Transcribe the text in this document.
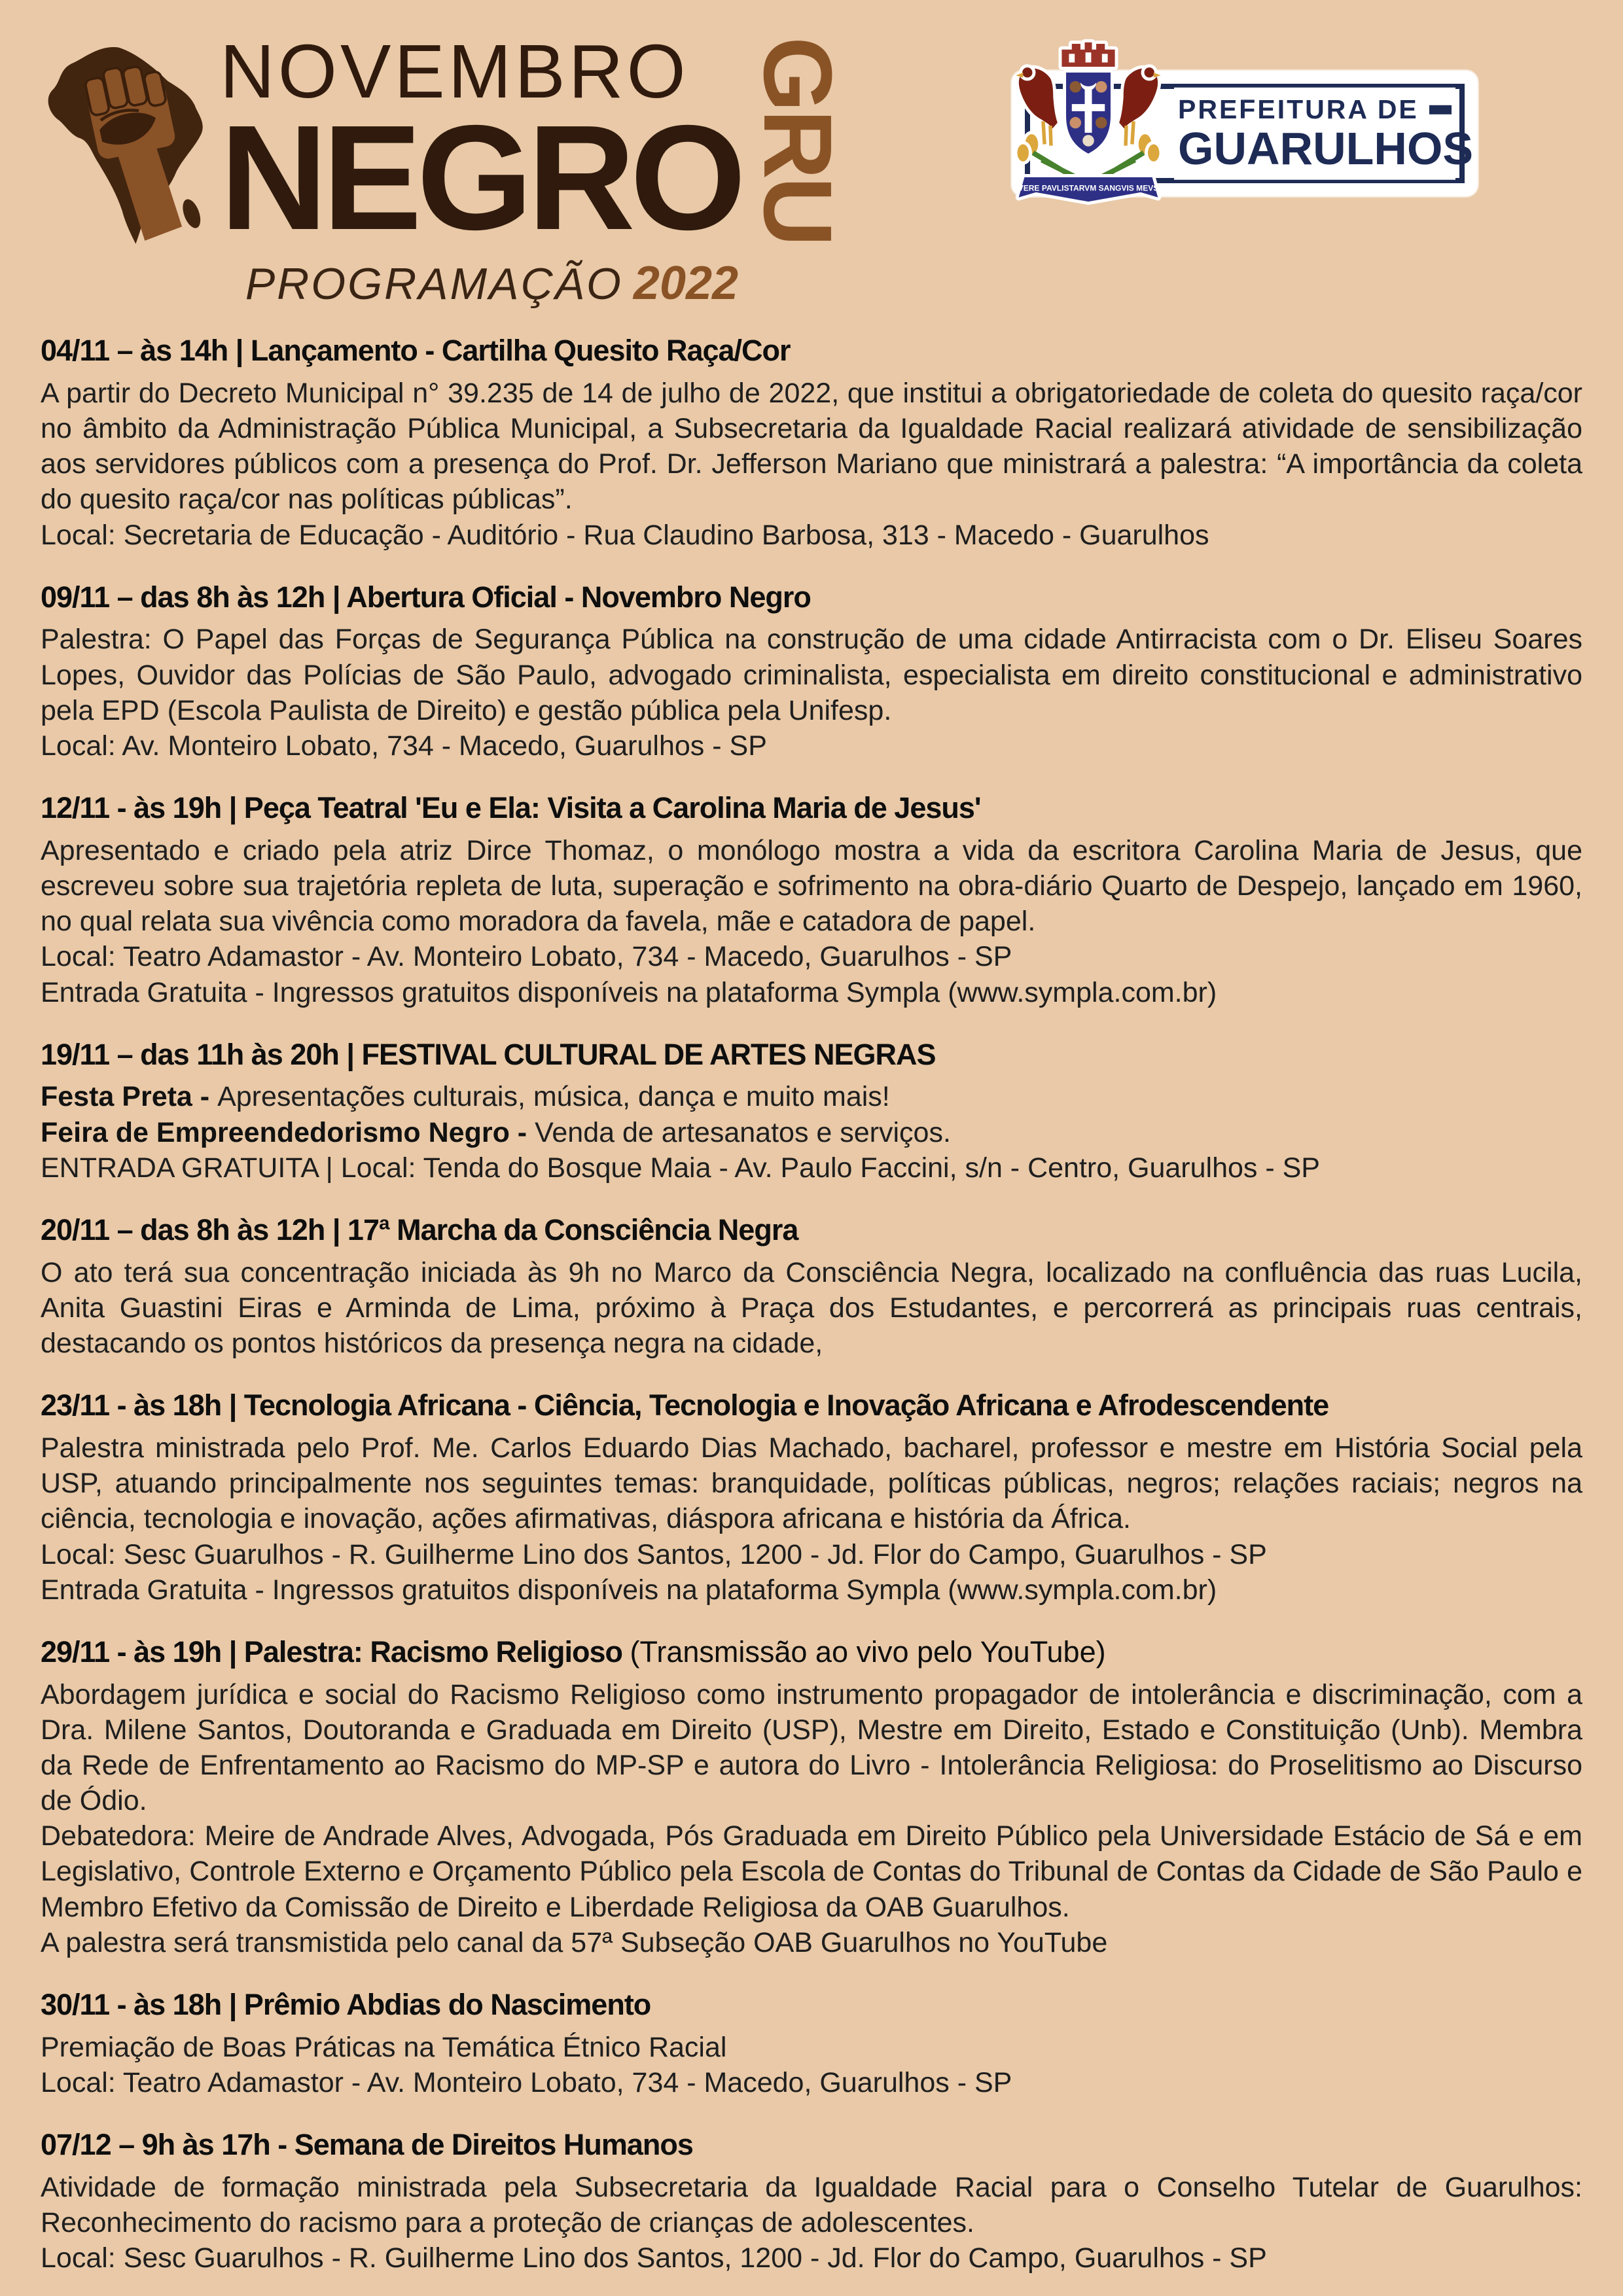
NOVEMBRO
NEGRO GRU
PROGRAMAÇÃO 2022
VERE PAVLISTARVM SANGVIS MEVS
PREFEITURA DE
GUARULHOS
04/11 – às 14h | Lançamento - Cartilha Quesito Raça/Cor

A partir do Decreto Municipal n° 39.235 de 14 de julho de 2022, que institui a obrigatoriedade de coleta do quesito raça/cor no âmbito da Administração Pública Municipal, a Subsecretaria da Igualdade Racial realizará atividade de sensibilização aos servidores públicos com a presença do Prof. Dr. Jefferson Mariano que ministrará a palestra: “A importância da coleta do quesito raça/cor nas políticas públicas”.

Local: Secretaria de Educação - Auditório - Rua Claudino Barbosa, 313 - Macedo - Guarulhos

09/11 – das 8h às 12h | Abertura Oficial - Novembro Negro

Palestra: O Papel das Forças de Segurança Pública na construção de uma cidade Antirracista com o Dr. Eliseu Soares Lopes, Ouvidor das Polícias de São Paulo, advogado criminalista, especialista em direito constitucional e administrativo pela EPD (Escola Paulista de Direito) e gestão pública pela Unifesp.

Local: Av. Monteiro Lobato, 734 - Macedo, Guarulhos - SP

12/11 - às 19h | Peça Teatral 'Eu e Ela: Visita a Carolina Maria de Jesus'

Apresentado e criado pela atriz Dirce Thomaz, o monólogo mostra a vida da escritora Carolina Maria de Jesus, que escreveu sobre sua trajetória repleta de luta, superação e sofrimento na obra-diário Quarto de Despejo, lançado em 1960, no qual relata sua vivência como moradora da favela, mãe e catadora de papel.

Local: Teatro Adamastor - Av. Monteiro Lobato, 734 - Macedo, Guarulhos - SP

Entrada Gratuita - Ingressos gratuitos disponíveis na plataforma Sympla (www.sympla.com.br)

19/11 – das 11h às 20h | FESTIVAL CULTURAL DE ARTES NEGRAS

Festa Preta - Apresentações culturais, música, dança e muito mais!

Feira de Empreendedorismo Negro - Venda de artesanatos e serviços.

ENTRADA GRATUITA | Local: Tenda do Bosque Maia - Av. Paulo Faccini, s/n - Centro, Guarulhos - SP

20/11 – das 8h às 12h | 17ª Marcha da Consciência Negra

O ato terá sua concentração iniciada às 9h no Marco da Consciência Negra, localizado na confluência das ruas Lucila, Anita Guastini Eiras e Arminda de Lima, próximo à Praça dos Estudantes, e percorrerá as principais ruas centrais, destacando os pontos históricos da presença negra na cidade,

23/11 - às 18h | Tecnologia Africana - Ciência, Tecnologia e Inovação Africana e Afrodescendente

Palestra ministrada pelo Prof. Me. Carlos Eduardo Dias Machado, bacharel, professor e mestre em História Social pela USP, atuando principalmente nos seguintes temas: branquidade, políticas públicas, negros; relações raciais; negros na ciência, tecnologia e inovação, ações afirmativas, diáspora africana e história da África.

Local: Sesc Guarulhos - R. Guilherme Lino dos Santos, 1200 - Jd. Flor do Campo, Guarulhos - SP

Entrada Gratuita - Ingressos gratuitos disponíveis na plataforma Sympla (www.sympla.com.br)

29/11 - às 19h | Palestra: Racismo Religioso (Transmissão ao vivo pelo YouTube)

Abordagem jurídica e social do Racismo Religioso como instrumento propagador de intolerância e discriminação, com a Dra. Milene Santos, Doutoranda e Graduada em Direito (USP), Mestre em Direito, Estado e Constituição (Unb). Membra da Rede de Enfrentamento ao Racismo do MP-SP e autora do Livro - Intolerância Religiosa: do Proselitismo ao Discurso de Ódio.

Debatedora: Meire de Andrade Alves, Advogada, Pós Graduada em Direito Público pela Universidade Estácio de Sá e em Legislativo, Controle Externo e Orçamento Público pela Escola de Contas do Tribunal de Contas da Cidade de São Paulo e Membro Efetivo da Comissão de Direito e Liberdade Religiosa da OAB Guarulhos.

A palestra será transmistida pelo canal da 57ª Subseção OAB Guarulhos no YouTube

30/11 - às 18h | Prêmio Abdias do Nascimento

Premiação de Boas Práticas na Temática Étnico Racial

Local: Teatro Adamastor - Av. Monteiro Lobato, 734 - Macedo, Guarulhos - SP

07/12 – 9h às 17h - Semana de Direitos Humanos

Atividade de formação ministrada pela Subsecretaria da Igualdade Racial para o Conselho Tutelar de Guarulhos: Reconhecimento do racismo para a proteção de crianças de adolescentes.

Local: Sesc Guarulhos - R. Guilherme Lino dos Santos, 1200 - Jd. Flor do Campo, Guarulhos - SP
